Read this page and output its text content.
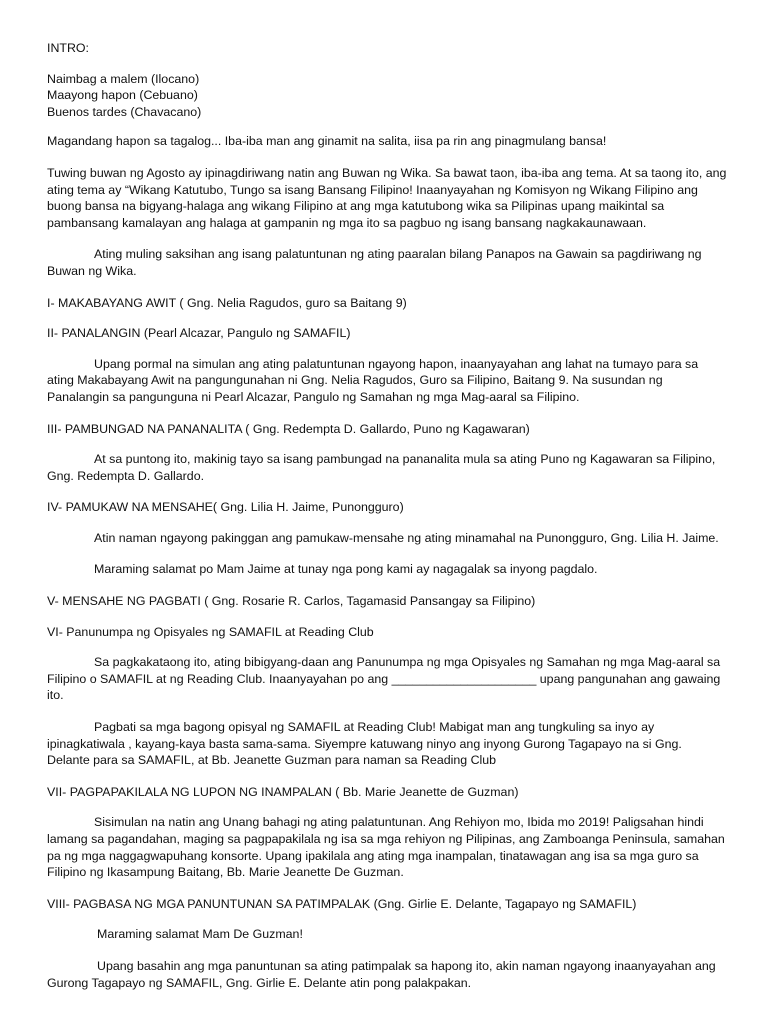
INTRO:

Naimbag a malem (Ilocano)

Maayong hapon (Cebuano)

Buenos tardes (Chavacano)

Magandang hapon sa tagalog... Iba-iba man ang ginamit na salita, iisa pa rin ang pinagmulang bansa!

Tuwing buwan ng Agosto ay ipinagdiriwang natin ang Buwan ng Wika. Sa bawat taon, iba-iba ang tema. At sa taong ito, ang ating tema ay “Wikang Katutubo, Tungo sa isang Bansang Filipino! Inaanyayahan ng Komisyon ng Wikang Filipino ang buong bansa na bigyang-halaga ang wikang Filipino at ang mga katutubong wika sa Pilipinas upang maikintal sa pambansang kamalayan ang halaga at gampanin ng mga ito sa pagbuo ng isang bansang nagkakaunawaan.

Ating muling saksihan ang isang palatuntunan ng ating paaralan bilang Panapos na Gawain sa pagdiriwang ng Buwan ng Wika.

I- MAKABAYANG AWIT ( Gng. Nelia Ragudos, guro sa Baitang 9)

II- PANALANGIN (Pearl Alcazar, Pangulo ng SAMAFIL)

Upang pormal na simulan ang ating palatuntunan ngayong hapon, inaanyayahan ang lahat na tumayo para sa ating Makabayang Awit na pangungunahan ni Gng. Nelia Ragudos, Guro sa Filipino, Baitang 9. Na susundan ng Panalangin sa pangunguna ni Pearl Alcazar, Pangulo ng Samahan ng mga Mag-aaral sa Filipino.

III- PAMBUNGAD NA PANANALITA ( Gng. Redempta D. Gallardo, Puno ng Kagawaran)

At sa puntong ito, makinig tayo sa isang pambungad na pananalita mula sa ating Puno ng Kagawaran sa Filipino, Gng. Redempta D. Gallardo.

IV- PAMUKAW NA MENSAHE( Gng. Lilia H. Jaime, Punongguro)

Atin naman ngayong pakinggan ang pamukaw-mensahe ng ating minamahal na Punongguro, Gng. Lilia H. Jaime.

Maraming salamat po Mam Jaime at tunay nga pong kami ay nagagalak sa inyong pagdalo.

V- MENSAHE NG PAGBATI ( Gng. Rosarie R. Carlos, Tagamasid Pansangay sa Filipino)

VI- Panunumpa ng Opisyales ng SAMAFIL at Reading Club

Sa pagkakataong ito, ating bibigyang-daan ang Panunumpa ng mga Opisyales ng Samahan ng mga Mag-aaral sa Filipino o SAMAFIL at ng Reading Club. Inaanyayahan po ang _____________________ upang pangunahan ang gawaing ito.

Pagbati sa mga bagong opisyal ng SAMAFIL at Reading Club! Mabigat man ang tungkuling sa inyo ay ipinagkatiwala , kayang-kaya basta sama-sama. Siyempre katuwang ninyo ang inyong Gurong Tagapayo na si Gng. Delante para sa SAMAFIL, at Bb. Jeanette Guzman para naman sa Reading Club

VII- PAGPAPAKILALA NG LUPON NG INAMPALAN ( Bb. Marie Jeanette de Guzman)

Sisimulan na natin ang Unang bahagi ng ating palatuntunan. Ang Rehiyon mo, Ibida mo 2019! Paligsahan hindi lamang sa pagandahan, maging sa pagpapakilala ng isa sa mga rehiyon ng Pilipinas, ang Zamboanga Peninsula, samahan pa ng mga naggagwapuhang konsorte. Upang ipakilala ang ating mga inampalan, tinatawagan ang isa sa mga guro sa Filipino ng Ikasampung Baitang, Bb. Marie Jeanette De Guzman.

VIII- PAGBASA NG MGA PANUNTUNAN SA PATIMPALAK (Gng. Girlie E. Delante, Tagapayo ng SAMAFIL)

Maraming salamat Mam De Guzman!

Upang basahin ang mga panuntunan sa ating patimpalak sa hapong ito, akin naman ngayong inaanyayahan ang Gurong Tagapayo ng SAMAFIL, Gng. Girlie E. Delante atin pong palakpakan.
